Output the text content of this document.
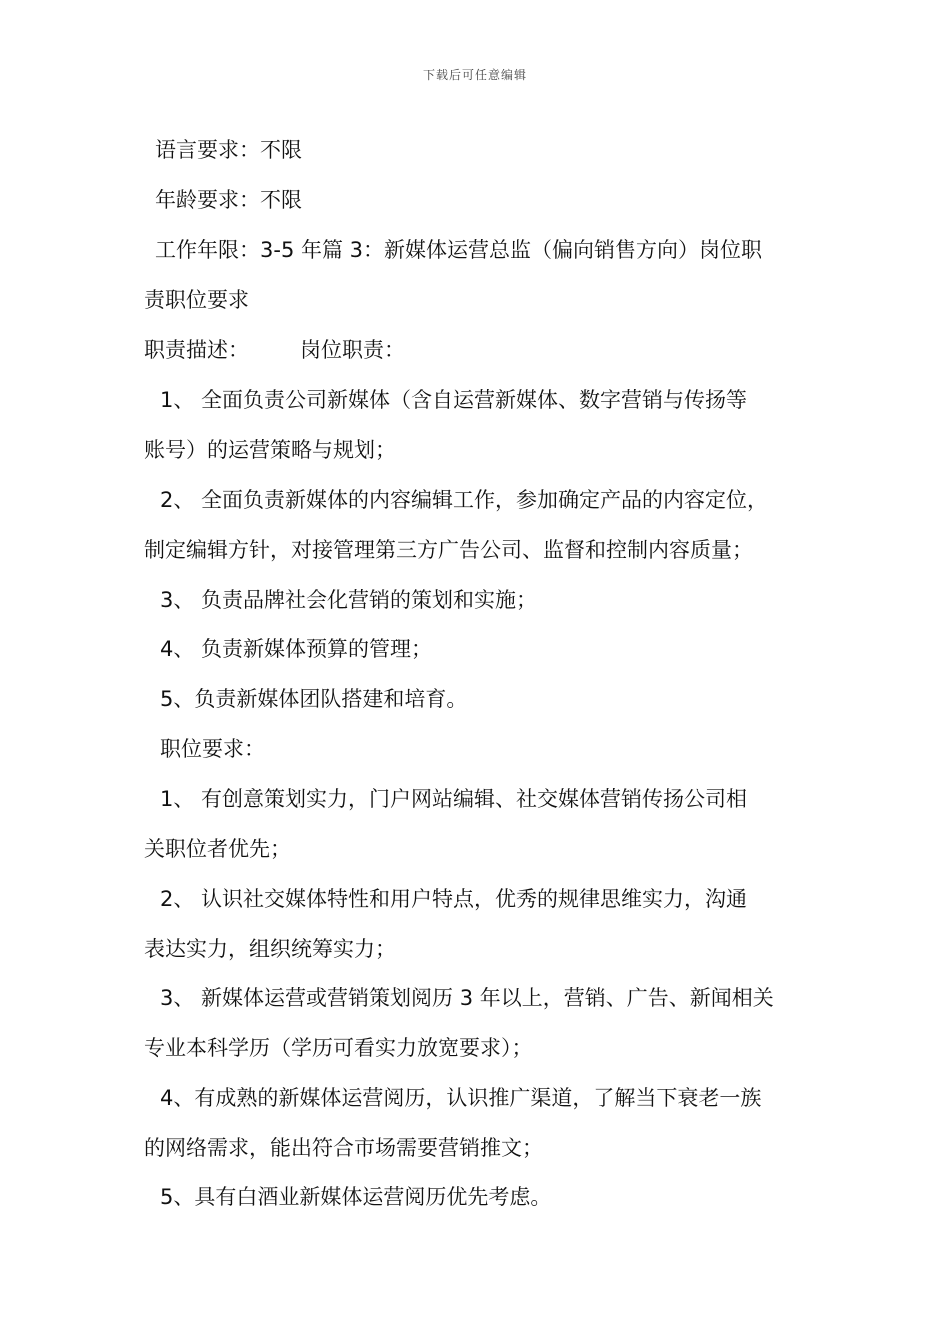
下载后可任意编辑
语言要求：不限
年龄要求：不限
工作年限：3-5 年篇 3：新媒体运营总监（偏向销售方向）岗位职
责职位要求
职责描述： 岗位职责：
1、 全面负责公司新媒体（含自运营新媒体、数字营销与传扬等
账号）的运营策略与规划；
2、 全面负责新媒体的内容编辑工作，参加确定产品的内容定位，
制定编辑方针，对接管理第三方广告公司、监督和控制内容质量；
3、 负责品牌社会化营销的策划和实施；
4、 负责新媒体预算的管理；
5、负责新媒体团队搭建和培育。
职位要求：
1、 有创意策划实力，门户网站编辑、社交媒体营销传扬公司相
关职位者优先；
2、 认识社交媒体特性和用户特点，优秀的规律思维实力，沟通
表达实力，组织统筹实力；
3、 新媒体运营或营销策划阅历 3 年以上，营销、广告、新闻相关
专业本科学历（学历可看实力放宽要求）；
4、有成熟的新媒体运营阅历，认识推广渠道，了解当下衰老一族
的网络需求，能出符合市场需要营销推文；
5、具有白酒业新媒体运营阅历优先考虑。
